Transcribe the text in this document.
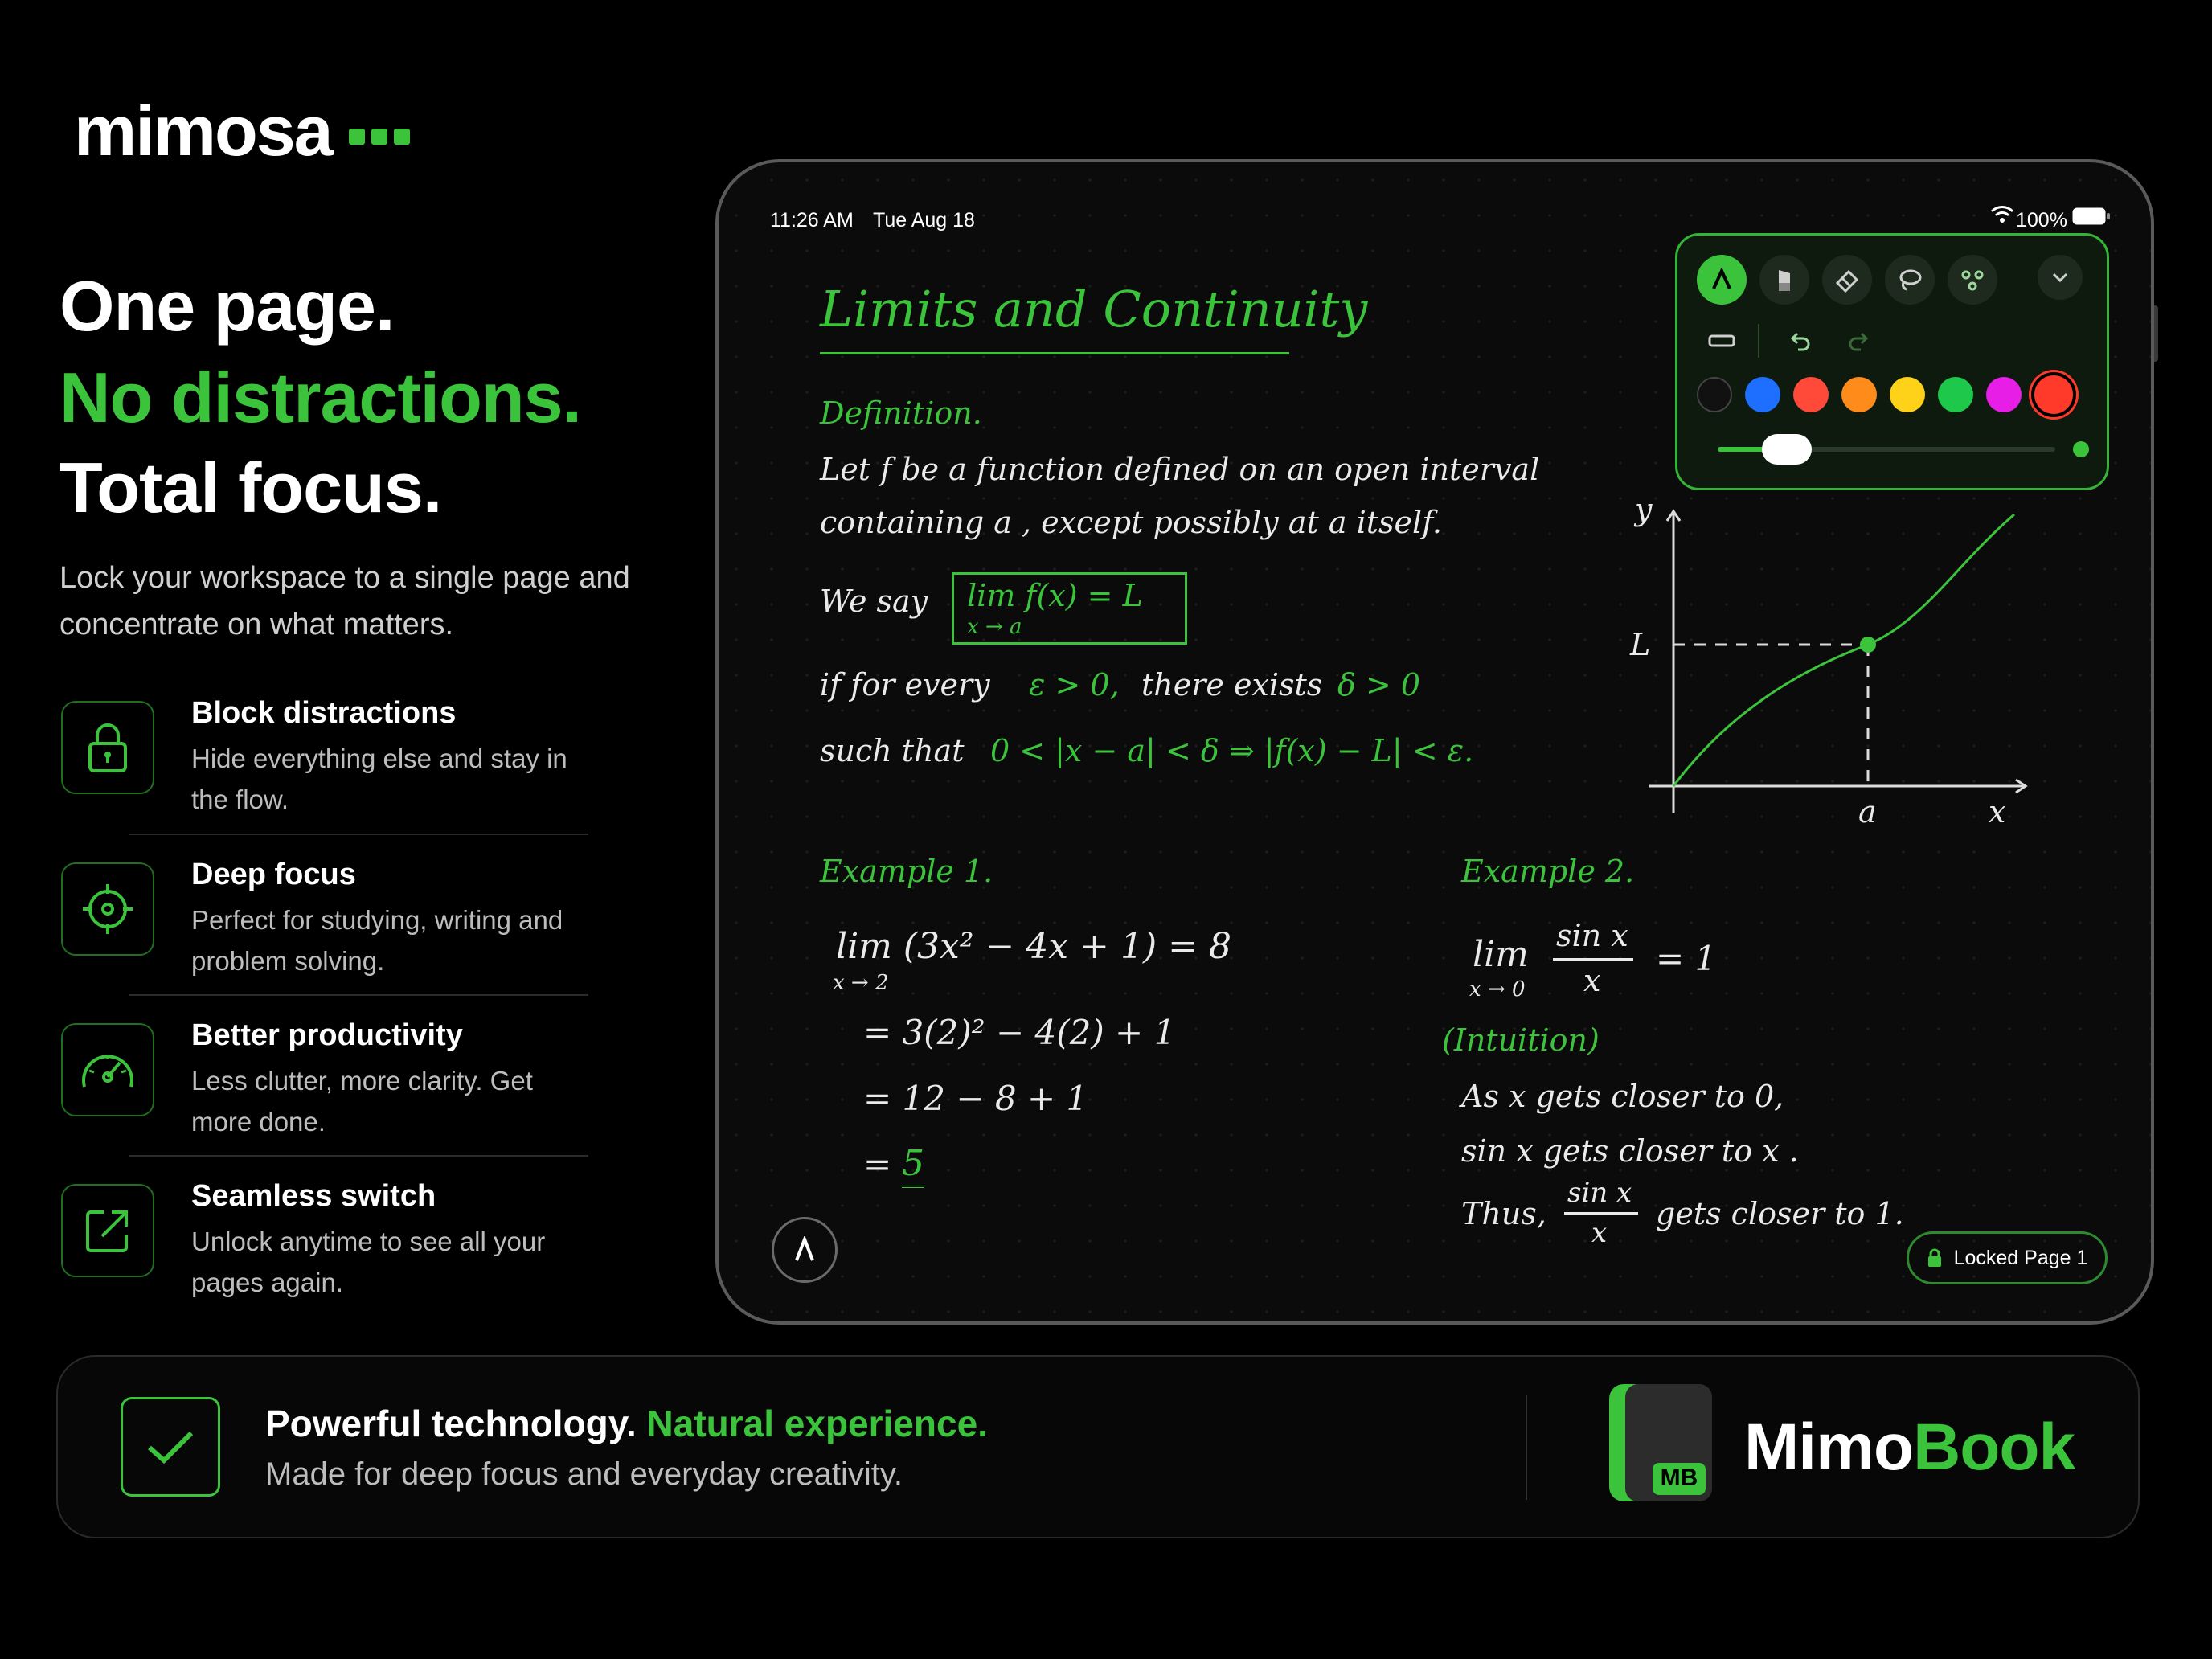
mimosa
One page.
No distractions.
Total focus.
Lock your workspace to a single page and concentrate on what matters.
Block distractions
Hide everything else and stay in the flow.
Deep focus
Perfect for studying, writing and problem solving.
Better productivity
Less clutter, more clarity. Get more done.
Seamless switch
Unlock anytime to see all your pages again.
11:26 AM Tue Aug 18	100%
Limits and Continuity
Definition.
Let f be a function defined on an open interval
containing a , except possibly at a itself.
We say lim f(x) = L
x → a
if for every ε > 0, there exists δ > 0
such that 0 < |x − a| < δ ⇒ |f(x) − L| < ε.
y
L
a	x
Example 1.
lim (3x² − 4x + 1) = 8
x → 2
= 3(2)² − 4(2) + 1
= 12 − 8 + 1
= 5
Example 2.
lim
x → 0
sin x
x
= 1
(Intuition)
As x gets closer to 0,
sin x gets closer to x .
Thus,
sin x
x
gets closer to 1.
Locked Page 1
Powerful technology. Natural experience.
Made for deep focus and everyday creativity.	MB MimoBook
